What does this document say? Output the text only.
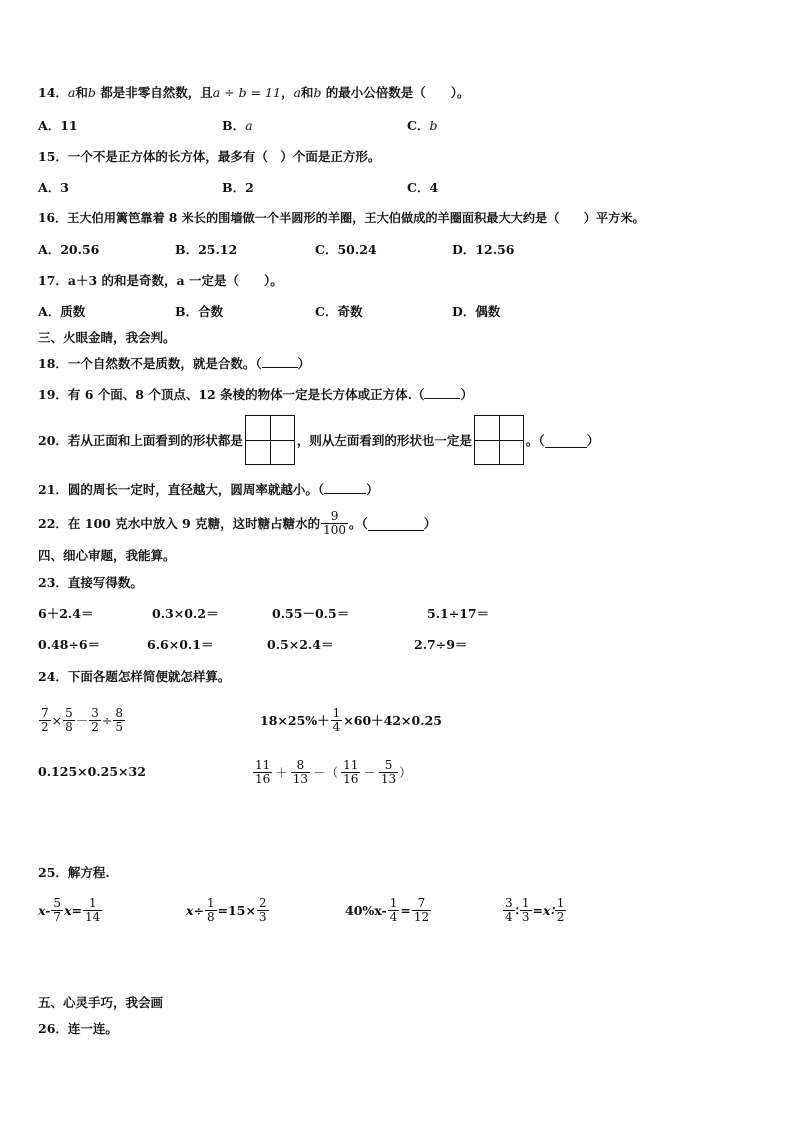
14．a和b 都是非零自然数，且a ÷ b = 11，a和b 的最小公倍数是（　　）。
A．11	B．a	C．b
15．一个不是正方体的长方体，最多有（　）个面是正方形。
A．3	B．2	C．4
16．王大伯用篱笆靠着 8 米长的围墙做一个半圆形的羊圈，王大伯做成的羊圈面积最大大约是（　　）平方米。
A．20.56	B．25.12	C．50.24	D．12.56
17．a＋3 的和是奇数，a 一定是（　　）。
A．质数	B．合数	C．奇数	D．偶数
三、火眼金睛，我会判。
18．一个自然数不是质数，就是合数。（	）
19．有 6 个面、8 个顶点、12 条棱的物体一定是长方体或正方体.（	）
20．若从正面和上面看到的形状都是	，则从左面看到的形状也一定是	。（	）
21．圆的周长一定时，直径越大，圆周率就越小。（	）
22．在 100 克水中放入 9 克糖，这时糖占糖水的 $\frac{9}{100}$ 。（	）
四、细心审题，我能算。
23．直接写得数。
6＋2.4＝	0.3×0.2＝	0.55－0.5＝	5.1÷17＝
0.48÷6＝	6.6×0.1＝	0.5×2.4＝	2.7÷9＝
24．下面各题怎样简便就怎样算。
$\frac{7}{2} \times \frac{5}{8} - \frac{3}{2} \div \frac{8}{5}$	$18\times 25\%+ \frac{1}{4} \times 60+42\times 0.25$
0.125×0.25×32	$\frac{11}{16} + \frac{8}{13}$ －（ $\frac{11}{16} - \frac{5}{13}$ ）
25．解方程.
$x- \frac{5}{7} x= \frac{1}{14}$	$x\div \frac{1}{8} =15\times \frac{2}{3}$	$40\%x- \frac{1}{4} = \frac{7}{12}$	$\frac{3}{4}$ ∶ $\frac{1}{3}$ =x∶ $\frac{1}{2}$
五、心灵手巧，我会画
26．连一连。
